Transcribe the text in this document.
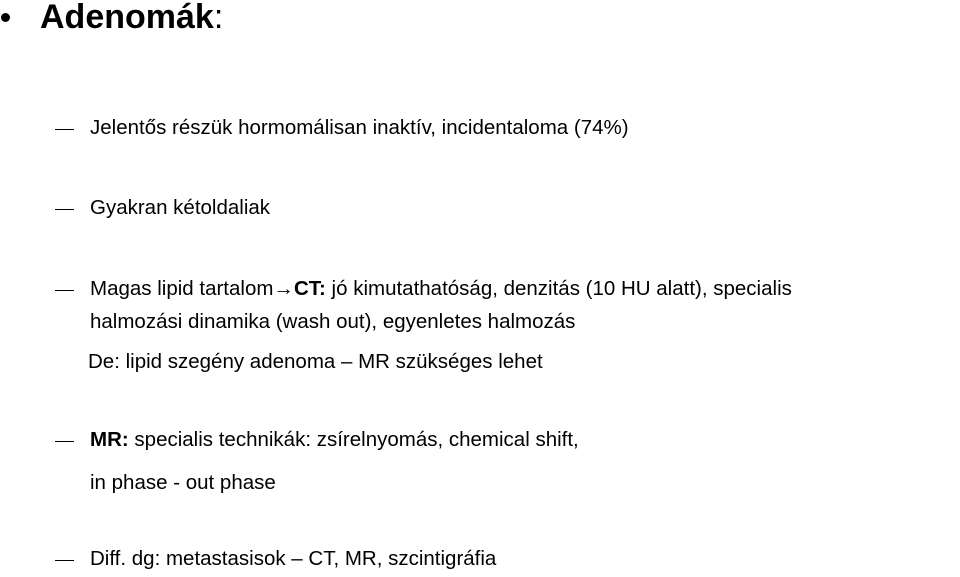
Adenomák:
Jelentős részük hormomálisan inaktív, incidentaloma (74%)
Gyakran kétoldaliak
Magas lipid tartalom→CT: jó kimutathatóság, denzitás (10 HU alatt), specialis
halmozási dinamika (wash out), egyenletes halmozás
De: lipid szegény adenoma – MR szükséges lehet
MR: specialis technikák: zsírelnyomás, chemical shift,
in phase - out phase
Diff. dg: metastasisok – CT, MR, szcintigráfia
